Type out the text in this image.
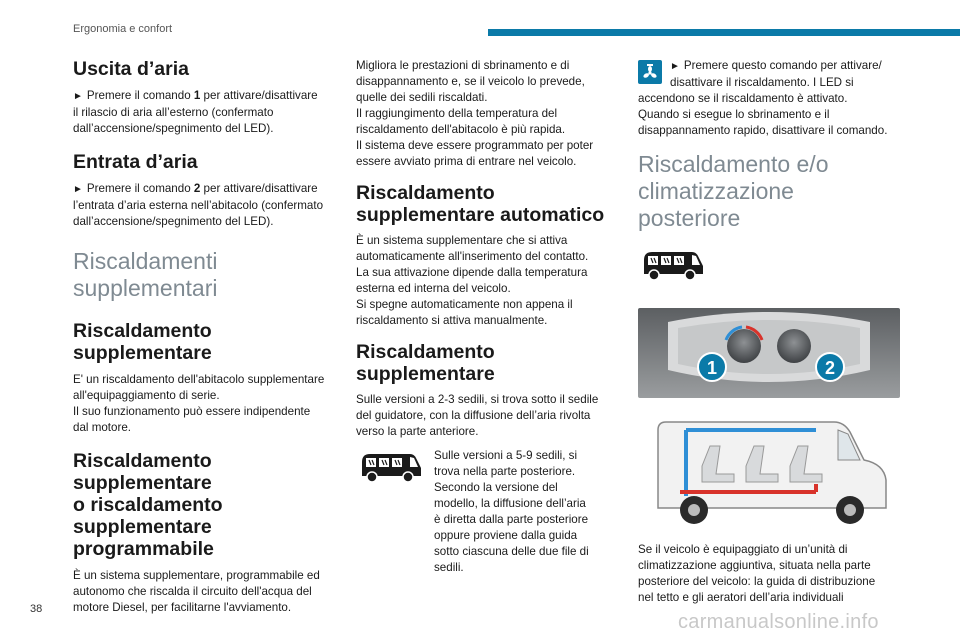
Ergonomia e confort
Uscita d’aria

► Premere il comando 1 per attivare/disattivare
il rilascio di aria all’esterno (confermato
dall’accensione/spegnimento del LED).

Entrata d’aria

► Premere il comando 2 per attivare/disattivare
l’entrata d’aria esterna nell’abitacolo (confermato
dall’accensione/spegnimento del LED).

Riscaldamenti
supplementari
Riscaldamento
supplementare

E' un riscaldamento dell'abitacolo supplementare
all'equipaggiamento di serie.
Il suo funzionamento può essere indipendente
dal motore.

Riscaldamento
supplementare
o riscaldamento
supplementare
programmabile

È un sistema supplementare, programmabile ed
autonomo che riscalda il circuito dell'acqua del
motore Diesel, per facilitarne l'avviamento.

Migliora le prestazioni di sbrinamento e di
disappannamento e, se il veicolo lo prevede,
quelle dei sedili riscaldati.
Il raggiungimento della temperatura del
riscaldamento dell'abitacolo è più rapida.
Il sistema deve essere programmato per poter
essere avviato prima di entrare nel veicolo.

Riscaldamento
supplementare automatico

È un sistema supplementare che si attiva
automaticamente all'inserimento del contatto.
La sua attivazione dipende dalla temperatura
esterna ed interna del veicolo.
Si spegne automaticamente non appena il
riscaldamento si attiva manualmente.

Riscaldamento
supplementare

Sulle versioni a 2-3 sedili, si trova sotto il sedile
del guidatore, con la diffusione dell’aria rivolta
verso la parte anteriore.

Sulle versioni a 5-9 sedili, si
trova nella parte posteriore.
Secondo la versione del
modello, la diffusione dell’aria
è diretta dalla parte posteriore
oppure proviene dalla guida
sotto ciascuna delle due file di
sedili.

► Premere questo comando per attivare/
disattivare il riscaldamento. I LED si

accendono se il riscaldamento è attivato.
Quando si esegue lo sbrinamento e il
disappannamento rapido, disattivare il comando.

Riscaldamento e/o
climatizzazione posteriore
1	2

Se il veicolo è equipaggiato di un’unità di
climatizzazione aggiuntiva, situata nella parte
posteriore del veicolo: la guida di distribuzione
nel tetto e gli aeratori dell’aria individuali

38
carmanualsonline.info
